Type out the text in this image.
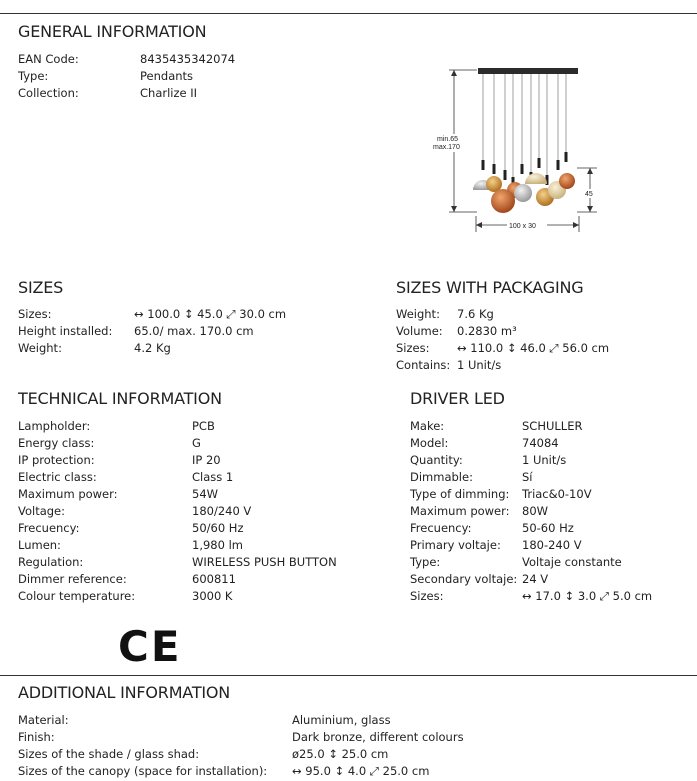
GENERAL INFORMATION
EAN Code:	8435435342074
Type:	Pendants
Collection:	Charlize II
min.65
max.170
45
100 x 30
SIZES
Sizes:	↔ 100.0 ↕ 45.0 ⤢ 30.0 cm
Height installed: 65.0/ max. 170.0 cm
Weight:	4.2 Kg
SIZES WITH PACKAGING
Weight: 7.6 Kg
Volume: 0.2830 m³
Sizes: ↔ 110.0 ↕ 46.0 ⤢ 56.0 cm
Contains: 1 Unit/s
TECHNICAL INFORMATION
Lampholder:	PCB
Energy class:	G
IP protection:	IP 20
Electric class:	Class 1
Maximum power:	54W
Voltage:	180/240 V
Frecuency:	50/60 Hz
Lumen:	1,980 lm
Regulation:	WIRELESS PUSH BUTTON
Dimmer reference:	600811
Colour temperature:	3000 K
DRIVER LED
Make:	SCHULLER
Model:	74084
Quantity:	1 Unit/s
Dimmable:	Sí
Type of dimming: Triac&0-10V
Maximum power: 80W
Frecuency:	50-60 Hz
Primary voltaje: 180-240 V
Type:	Voltaje constante
Secondary voltaje: 24 V
Sizes:	↔ 17.0 ↕ 3.0 ⤢ 5.0 cm
CE
ADDITIONAL INFORMATION
Material:	Aluminium, glass
Finish:	Dark bronze, different colours
Sizes of the shade / glass shad:	ø25.0 ↕ 25.0 cm
Sizes of the canopy (space for installation): ↔ 95.0 ↕ 4.0 ⤢ 25.0 cm
